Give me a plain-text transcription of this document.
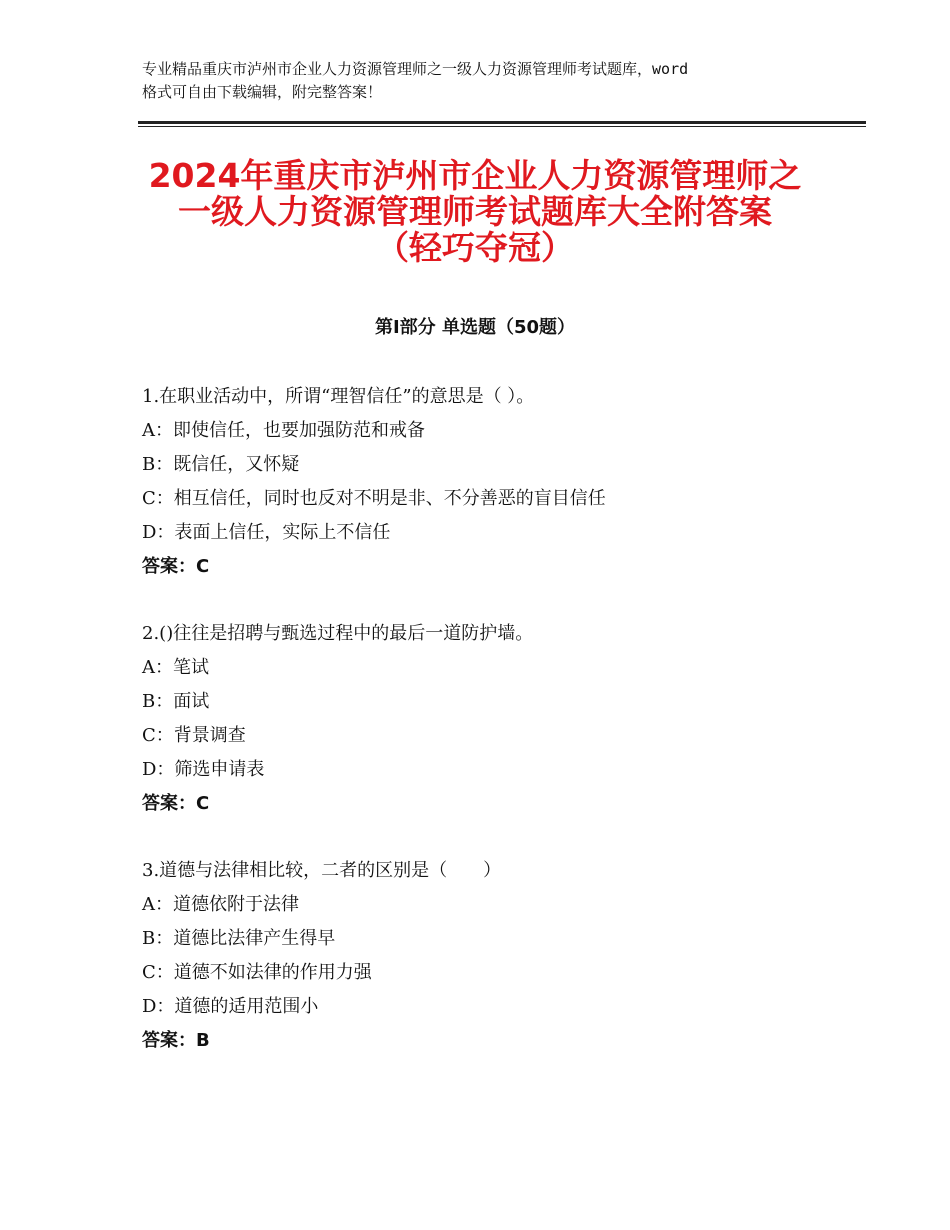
专业精品重庆市泸州市企业人力资源管理师之一级人力资源管理师考试题库，word
格式可自由下载编辑，附完整答案！
2024年重庆市泸州市企业人力资源管理师之
一级人力资源管理师考试题库大全附答案
（轻巧夺冠）
第Ⅰ部分 单选题（50题）
1.在职业活动中，所谓“理智信任”的意思是（ ）。
A：即使信任，也要加强防范和戒备
B：既信任，又怀疑
C：相互信任，同时也反对不明是非、不分善恶的盲目信任
D：表面上信任，实际上不信任
答案：C
2.()往往是招聘与甄选过程中的最后一道防护墙。
A：笔试
B：面试
C：背景调查
D：筛选申请表
答案：C
3.道德与法律相比较，二者的区别是（　　）
A：道德依附于法律
B：道德比法律产生得早
C：道德不如法律的作用力强
D：道德的适用范围小
答案：B
